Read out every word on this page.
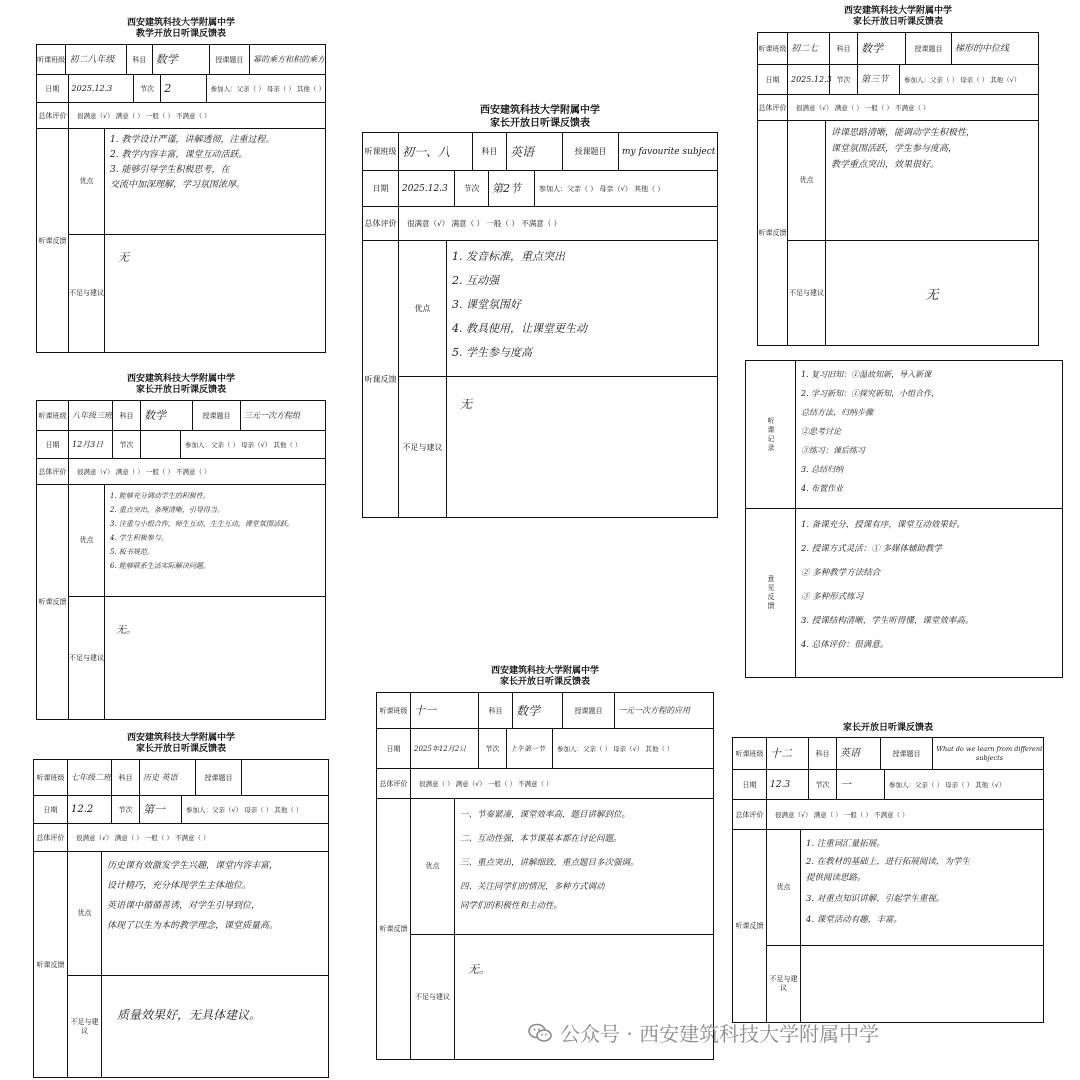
西安建筑科技大学附属中学
教学开放日听课反馈表
听课班级 初二八年级	科目 数学	授课题目	幂的乘方和积的乘方
日期	2025.12.3	节次 2	参加人：父亲（ ） 母亲（ ） 其他（ ）
总体评价	很满意（√） 满意（ ） 一般（ ） 不满意（ ）
听课反馈
优点
1. 教学设计严谨，讲解透彻，注重过程。
2. 教学内容丰富，课堂互动活跃。
3. 能够引导学生积极思考，在
交流中加深理解，学习氛围浓厚。
不足与建议
无
西安建筑科技大学附属中学
家长开放日听课反馈表
听课班级 初二七	科目 数学	授课题目	梯形的中位线
日期	2025.12.3 节次	第三节	参加人：父亲（ ） 母亲（ ） 其他（√）
总体评价	很满意（√） 满意（ ） 一般（ ） 不满意（ ）
听课反馈
优点
讲课思路清晰，能调动学生积极性，
课堂氛围活跃，学生参与度高，
教学重点突出，效果很好。
不足与建议	无
西安建筑科技大学附属中学
家长开放日听课反馈表
听课班级 初一、八	科目	英语	授课题目	my favourite subject
日期	2025.12.3	节次	第2节	参加人：父亲（ ） 母亲（√） 其他（ ）
总体评价	很满意（√） 满意（ ） 一般（ ） 不满意（ ）
听课反馈
优点
1. 发音标准，重点突出
2. 互动强
3. 课堂氛围好
4. 教具使用，让课堂更生动
5. 学生参与度高
不足与建议
无
西安建筑科技大学附属中学
家长开放日听课反馈表
听课班级 八年级三班	科目 数学	授课题目	三元一次方程组
日期	12月3日	节次	参加人：父亲（ ） 母亲（√） 其他（ ）
总体评价	很满意（√） 满意（ ） 一般（ ） 不满意（ ）
听课反馈
优点
1. 能够充分调动学生的积极性。
2. 重点突出，条理清晰，引导得当。
3. 注重与小组合作，师生互动，生生互动，课堂氛围活跃。
4. 学生积极参与。
5. 板书规范。
6. 能够联系生活实际解决问题。
不足与建议
无。
听课记录
1. 复习旧知：①温故知新，导入新课
2. 学习新知：①探究新知，小组合作，
总结方法，归纳步骤
②思考讨论
③练习：课后练习
3. 总结归纳
4. 布置作业
意见反馈
1. 备课充分，授课有序，课堂互动效果好。
2. 授课方式灵活：① 多媒体辅助教学
② 多种教学方法结合
③ 多种形式练习
3. 授课结构清晰，学生听得懂，课堂效率高。
4. 总体评价：很满意。
西安建筑科技大学附属中学
家长开放日听课反馈表
听课班级 七年级二班	科目	历史 英语	授课题目
日期	12.2	节次 第一	参加人：父亲（√） 母亲（ ） 其他（ ）
总体评价	很满意（√） 满意（ ） 一般（ ） 不满意（ ）
听课反馈
优点
历史课有效激发学生兴趣，课堂内容丰富，
设计精巧，充分体现学生主体地位。
英语课中循循善诱，对学生引导到位，
体现了以生为本的教学理念，课堂质量高。
不足与建议
质量效果好，无具体建议。
西安建筑科技大学附属中学
家长开放日听课反馈表
听课班级 十一	科目	数学	授课题目	一元一次方程的应用
日期	2025年12月2日	节次	上午第一节	参加人：父亲（ ） 母亲（√） 其他（ ）
总体评价	很满意（ ） 满意（√） 一般（ ） 不满意（ ）
听课反馈
优点
一、节奏紧凑，课堂效率高，题目讲解到位。
二、互动性强，本节课基本都在讨论问题。
三、重点突出，讲解细致，重点题目多次强调。
四、关注同学们的情况，多种方式调动
同学们的积极性和主动性。
不足与建议
无。
家长开放日听课反馈表
听课班级 十二	科目	英语	授课题目
What do we learn from different subjects
日期	12.3	节次 一	参加人：父亲（ ） 母亲（ ） 其他（√）
总体评价	很满意（√） 满意（ ） 一般（ ） 不满意（ ）
听课反馈
优点
1. 注重词汇量拓展。
2. 在教材的基础上，进行拓展阅读，为学生
提供阅读思路。
3. 对重点知识讲解，引起学生重视。
4. 课堂活动有趣，丰富。
不足与建议
公众号 · 西安建筑科技大学附属中学
